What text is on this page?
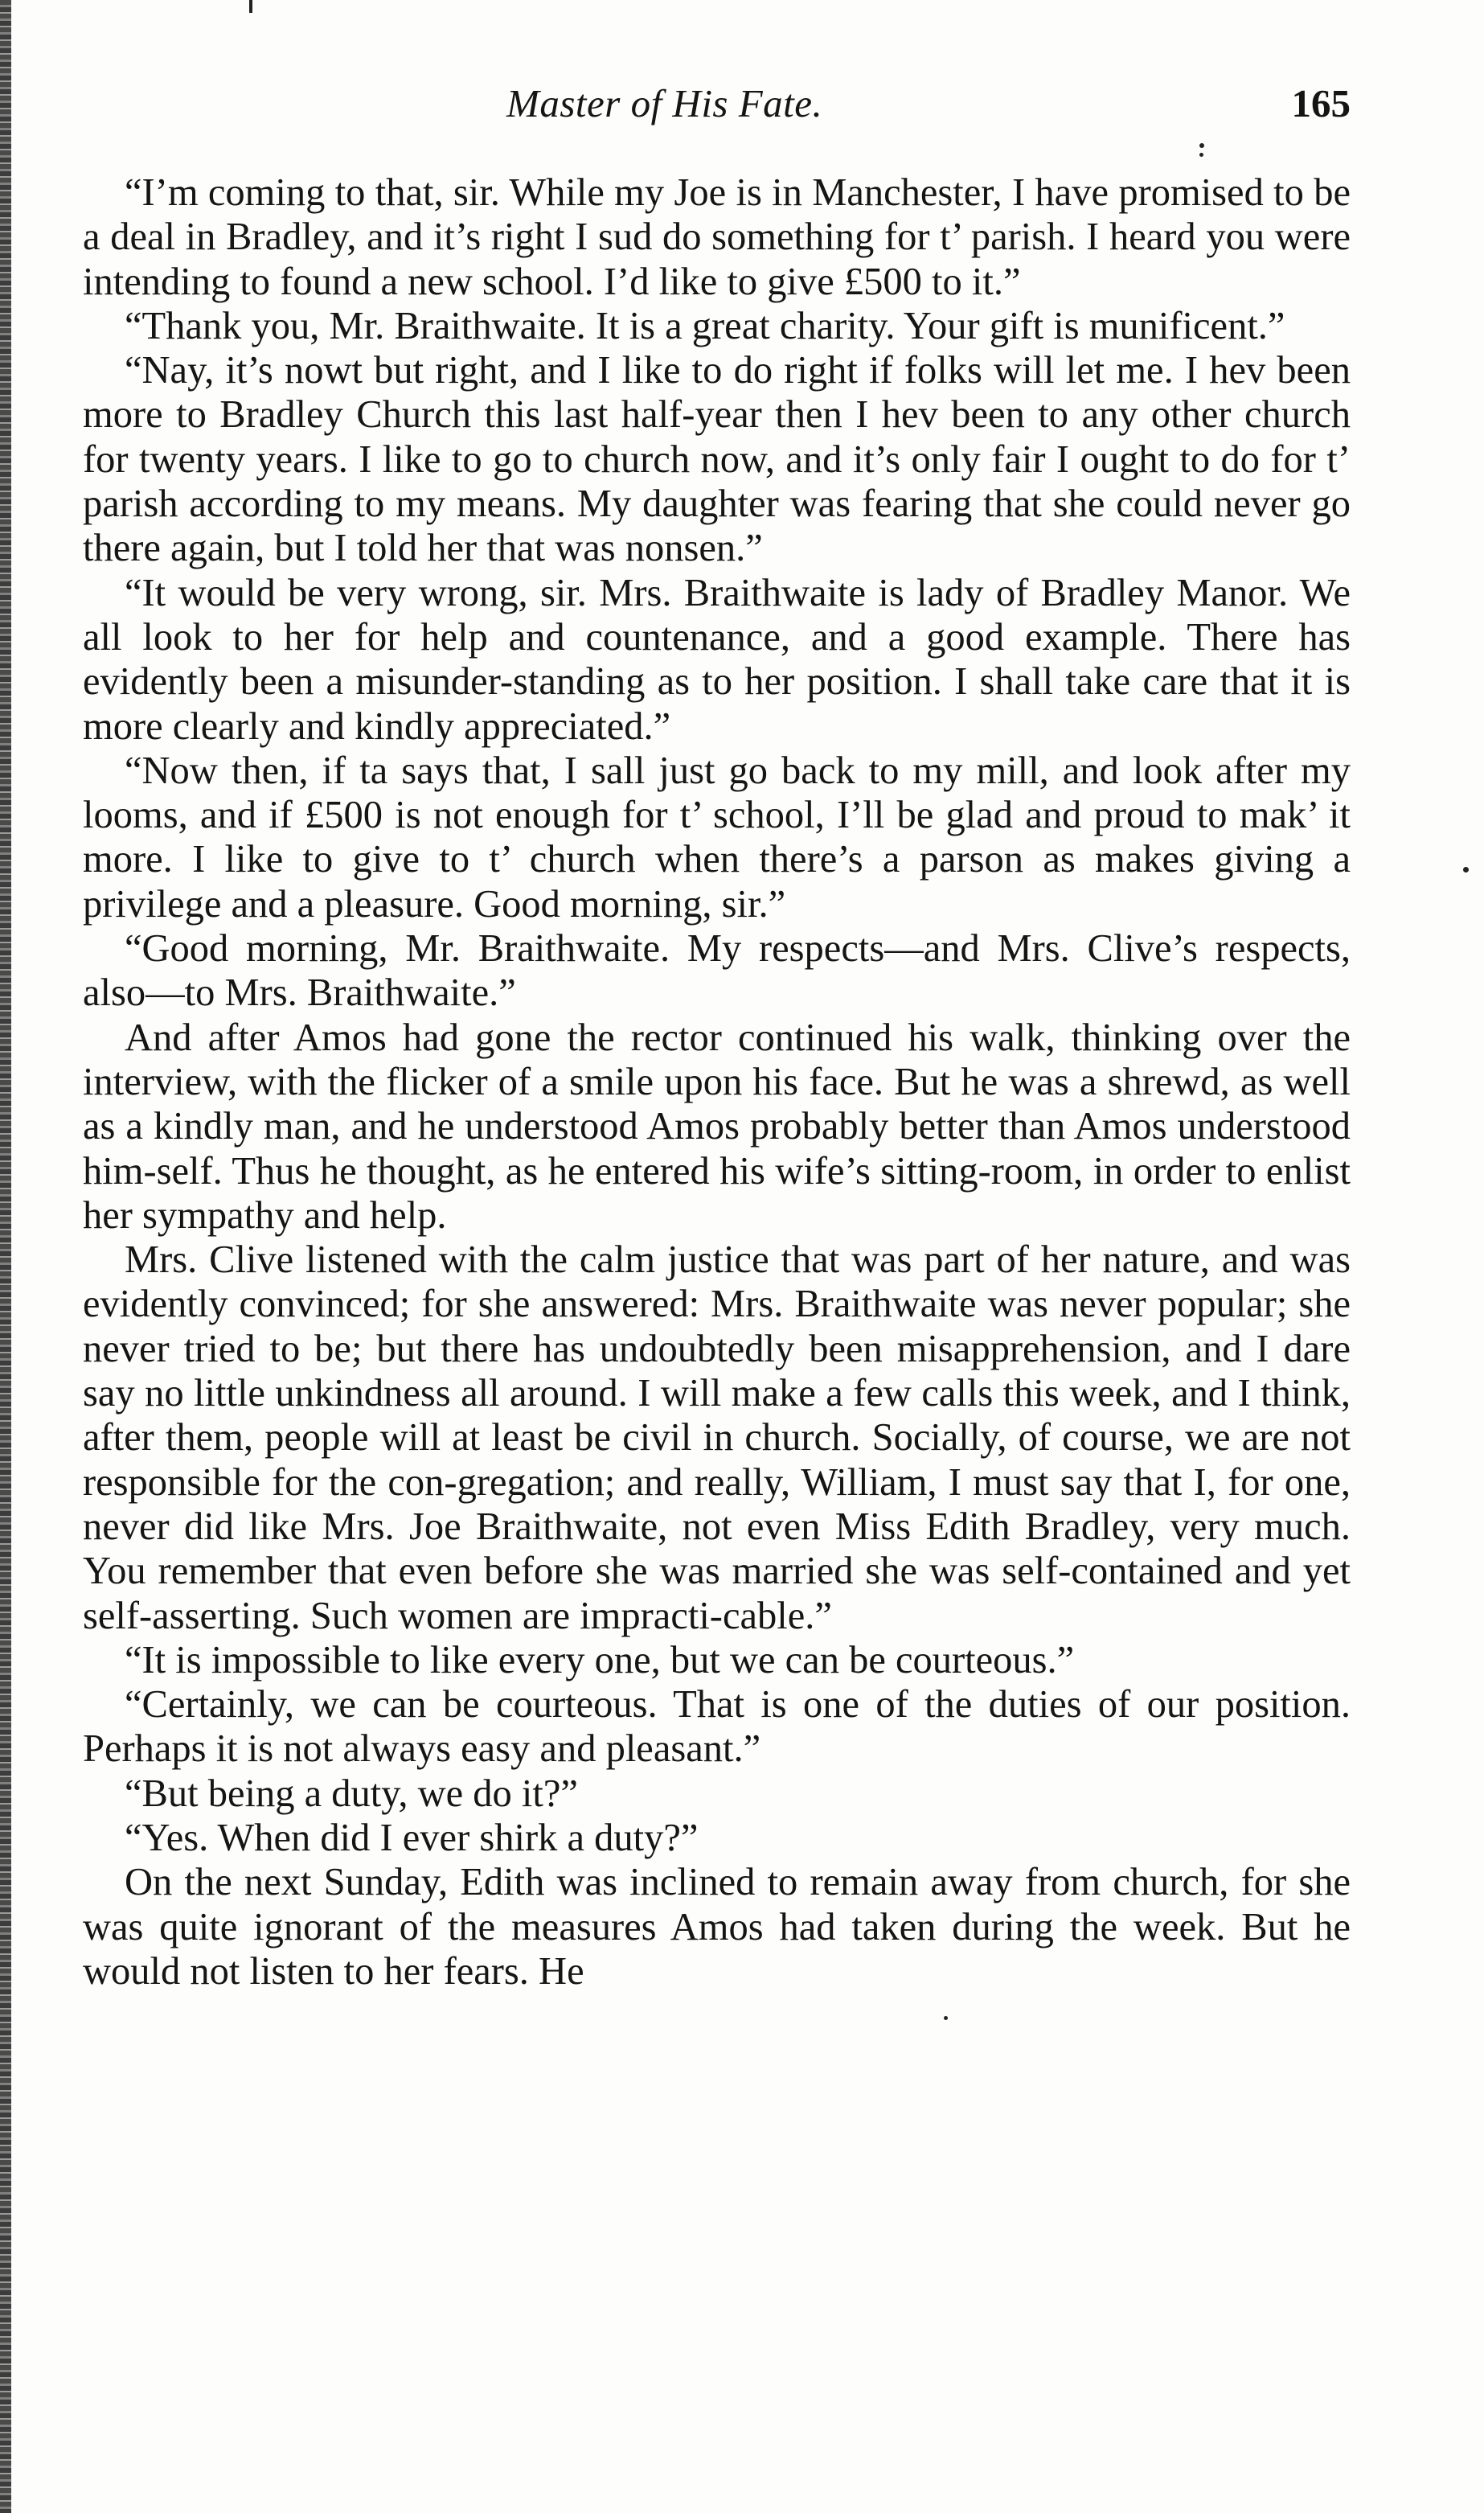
Master of His Fate.	165

“I’m coming to that, sir. While my Joe is in Manchester, I have promised to be a deal in Bradley, and it’s right I sud do something for t’ parish. I heard you were intending to found a new school. I’d like to give £500 to it.”

“Thank you, Mr. Braithwaite. It is a great charity. Your gift is munificent.”

“Nay, it’s nowt but right, and I like to do right if folks will let me. I hev been more to Bradley Church this last half-year then I hev been to any other church for twenty years. I like to go to church now, and it’s only fair I ought to do for t’ parish according to my means. My daughter was fearing that she could never go there again, but I told her that was nonsen.”

“It would be very wrong, sir. Mrs. Braithwaite is lady of Bradley Manor. We all look to her for help and countenance, and a good example. There has evidently been a misunder-standing as to her position. I shall take care that it is more clearly and kindly appreciated.”

“Now then, if ta says that, I sall just go back to my mill, and look after my looms, and if £500 is not enough for t’ school, I’ll be glad and proud to mak’ it more. I like to give to t’ church when there’s a parson as makes giving a privilege and a pleasure. Good morning, sir.”

“Good morning, Mr. Braithwaite. My respects—and Mrs. Clive’s respects, also—to Mrs. Braithwaite.”

And after Amos had gone the rector continued his walk, thinking over the interview, with the flicker of a smile upon his face. But he was a shrewd, as well as a kindly man, and he understood Amos probably better than Amos understood him-self. Thus he thought, as he entered his wife’s sitting-room, in order to enlist her sympathy and help.

Mrs. Clive listened with the calm justice that was part of her nature, and was evidently convinced; for she answered: Mrs. Braithwaite was never popular; she never tried to be; but there has undoubtedly been misapprehension, and I dare say no little unkindness all around. I will make a few calls this week, and I think, after them, people will at least be civil in church. Socially, of course, we are not responsible for the con-gregation; and really, William, I must say that I, for one, never did like Mrs. Joe Braithwaite, not even Miss Edith Bradley, very much. You remember that even before she was married she was self-contained and yet self-asserting. Such women are impracti-cable.”

“It is impossible to like every one, but we can be courteous.”

“Certainly, we can be courteous. That is one of the duties of our position. Perhaps it is not always easy and pleasant.”

“But being a duty, we do it?”

“Yes. When did I ever shirk a duty?”

On the next Sunday, Edith was inclined to remain away from church, for she was quite ignorant of the measures Amos had taken during the week. But he would not listen to her fears. He
